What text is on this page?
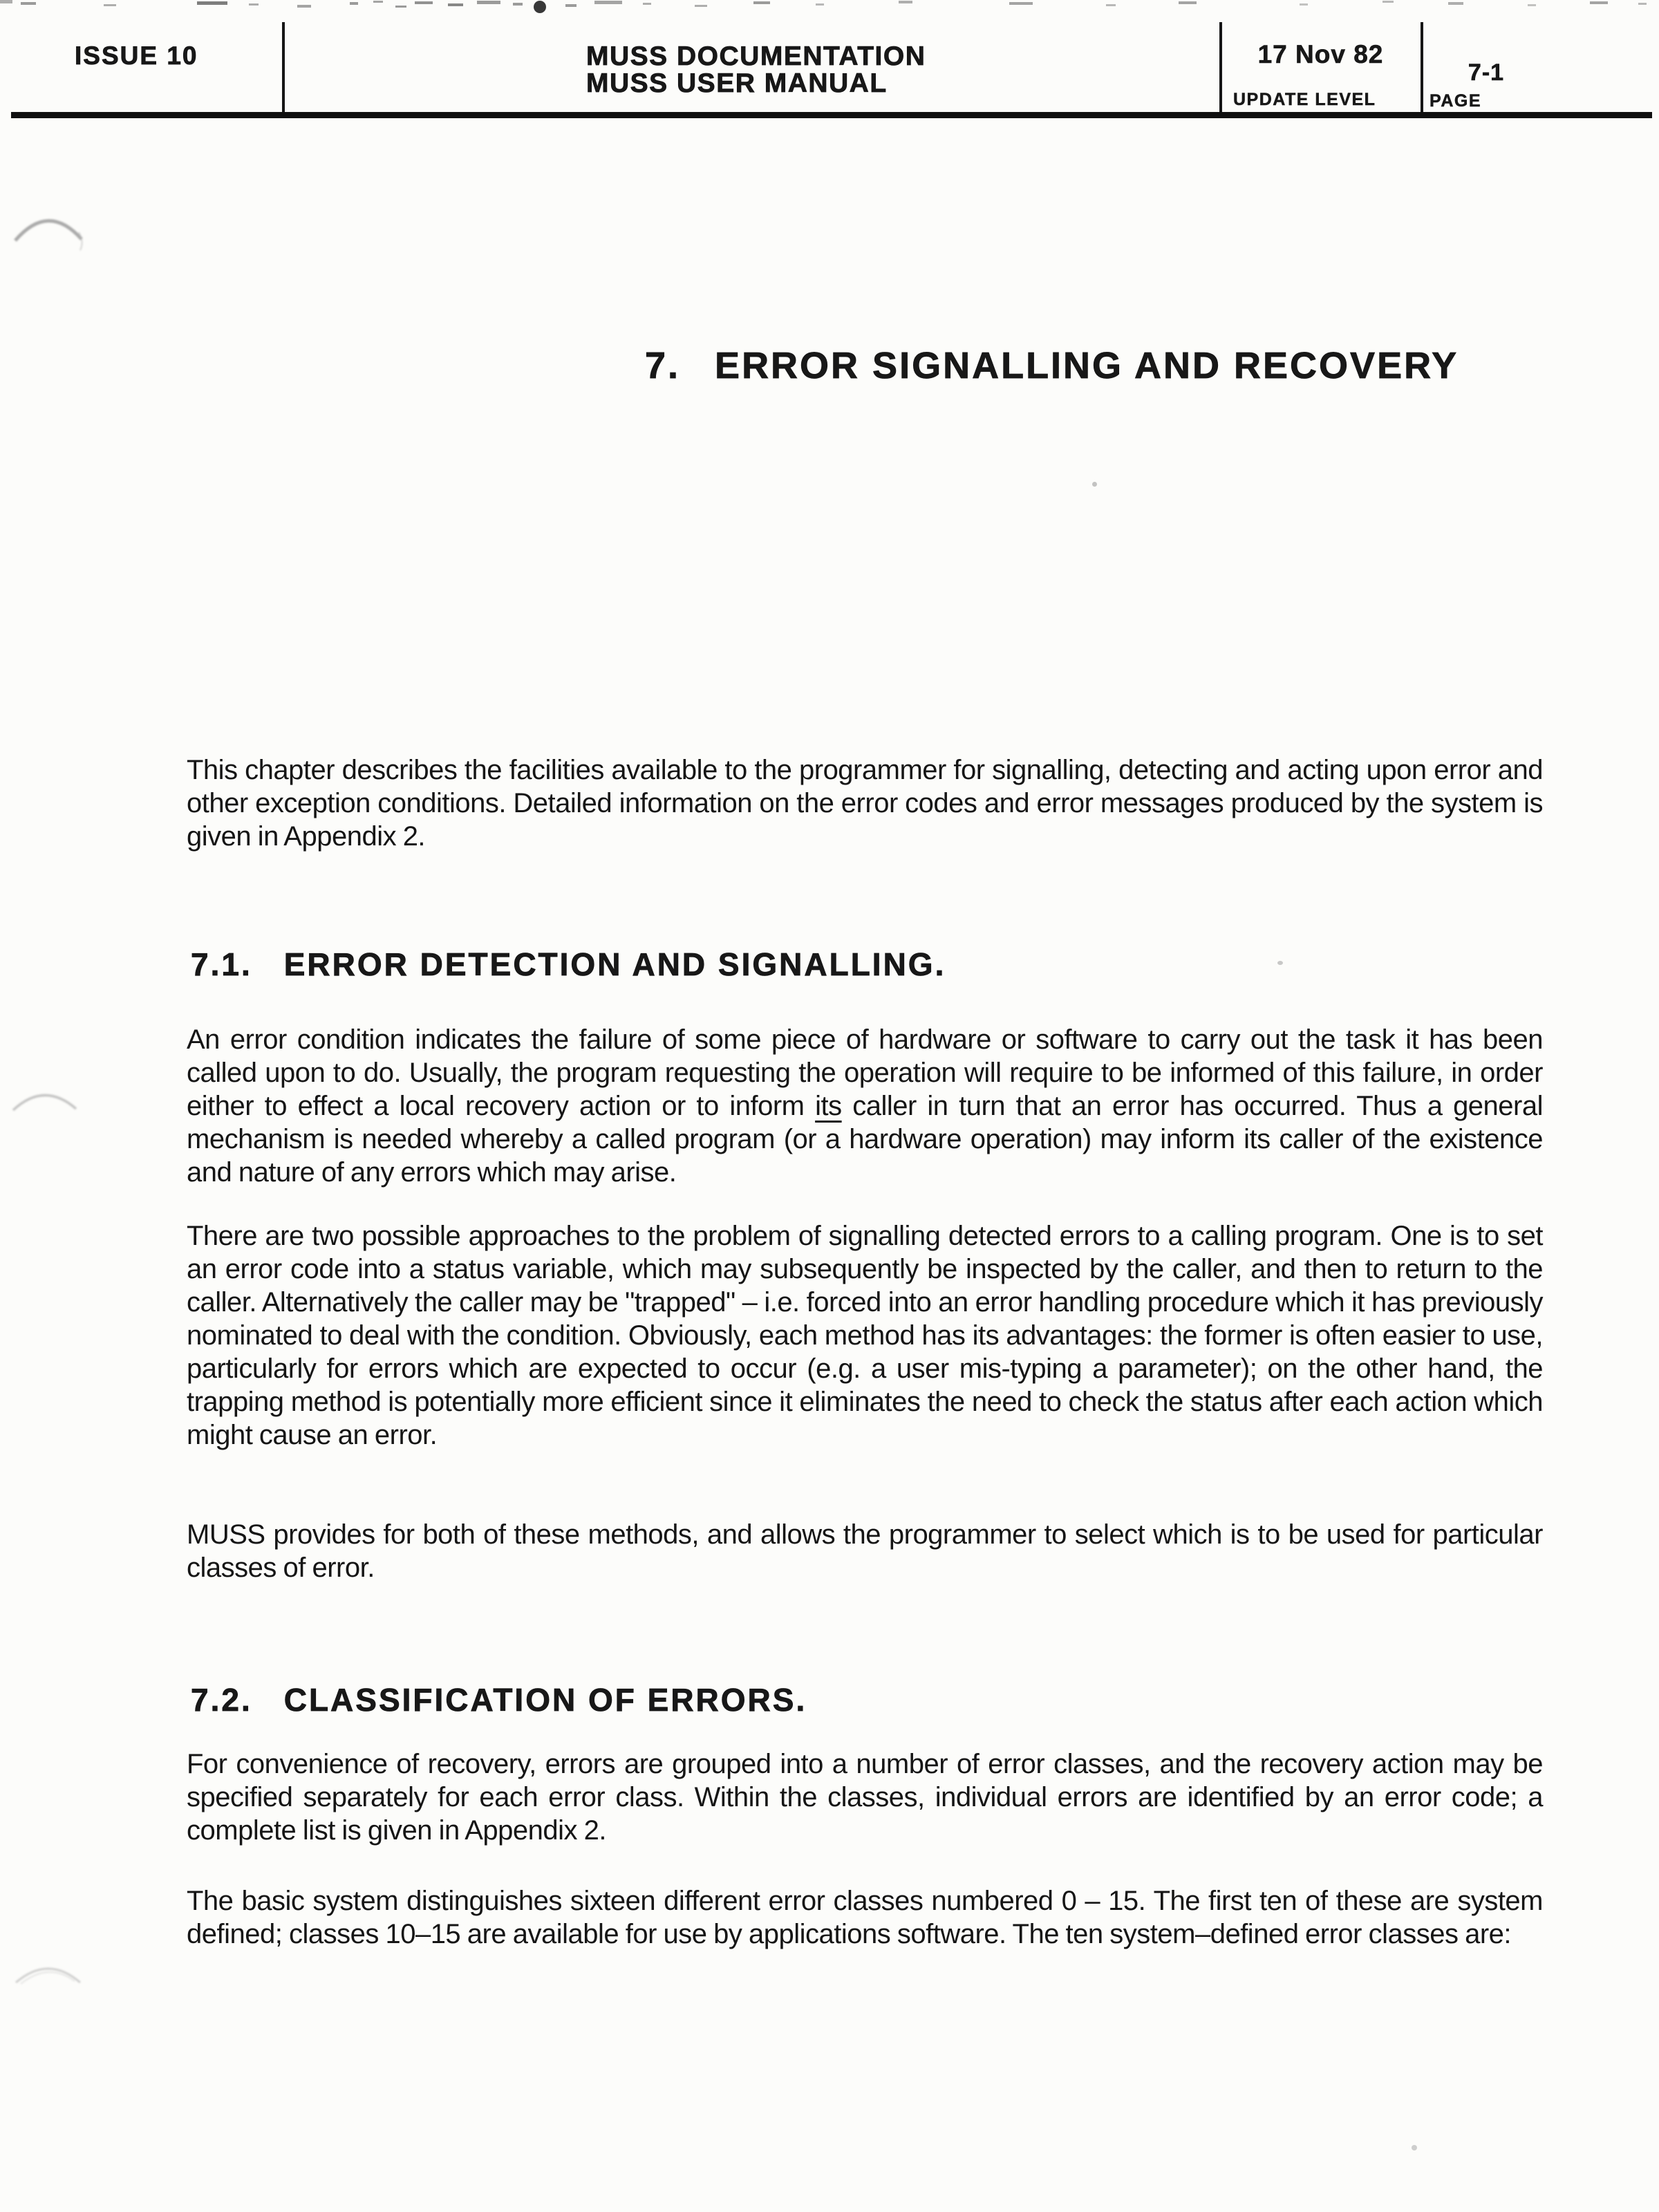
ISSUE 10	MUSS DOCUMENTATION
MUSS USER MANUAL
17 Nov 82
UPDATE LEVEL
7-1
PAGE
7. ERROR SIGNALLING AND RECOVERY

This chapter describes the facilities available to the programmer for signalling, detecting and acting upon error and other exception conditions. Detailed information on the error codes and error messages produced by the system is given in Appendix 2.

7.1. ERROR DETECTION AND SIGNALLING.

An error condition indicates the failure of some piece of hardware or software to carry out the task it has been called upon to do. Usually, the program requesting the operation will require to be informed of this failure, in order either to effect a local recovery action or to inform its caller in turn that an error has occurred. Thus a general mechanism is needed whereby a called program (or a hardware operation) may inform its caller of the existence and nature of any errors which may arise.

There are two possible approaches to the problem of signalling detected errors to a calling program. One is to set an error code into a status variable, which may subsequently be inspected by the caller, and then to return to the caller. Alternatively the caller may be "trapped" – i.e. forced into an error handling procedure which it has previously nominated to deal with the condition. Obviously, each method has its advantages: the former is often easier to use, particularly for errors which are expected to occur (e.g. a user mis-typing a parameter); on the other hand, the trapping method is potentially more efficient since it eliminates the need to check the status after each action which might cause an error.

MUSS provides for both of these methods, and allows the programmer to select which is to be used for particular classes of error.

7.2. CLASSIFICATION OF ERRORS.

For convenience of recovery, errors are grouped into a number of error classes, and the recovery action may be specified separately for each error class. Within the classes, individual errors are identified by an error code; a complete list is given in Appendix 2.

The basic system distinguishes sixteen different error classes numbered 0 – 15. The first ten of these are system defined; classes 10–15 are available for use by applications software. The ten system–defined error classes are:
